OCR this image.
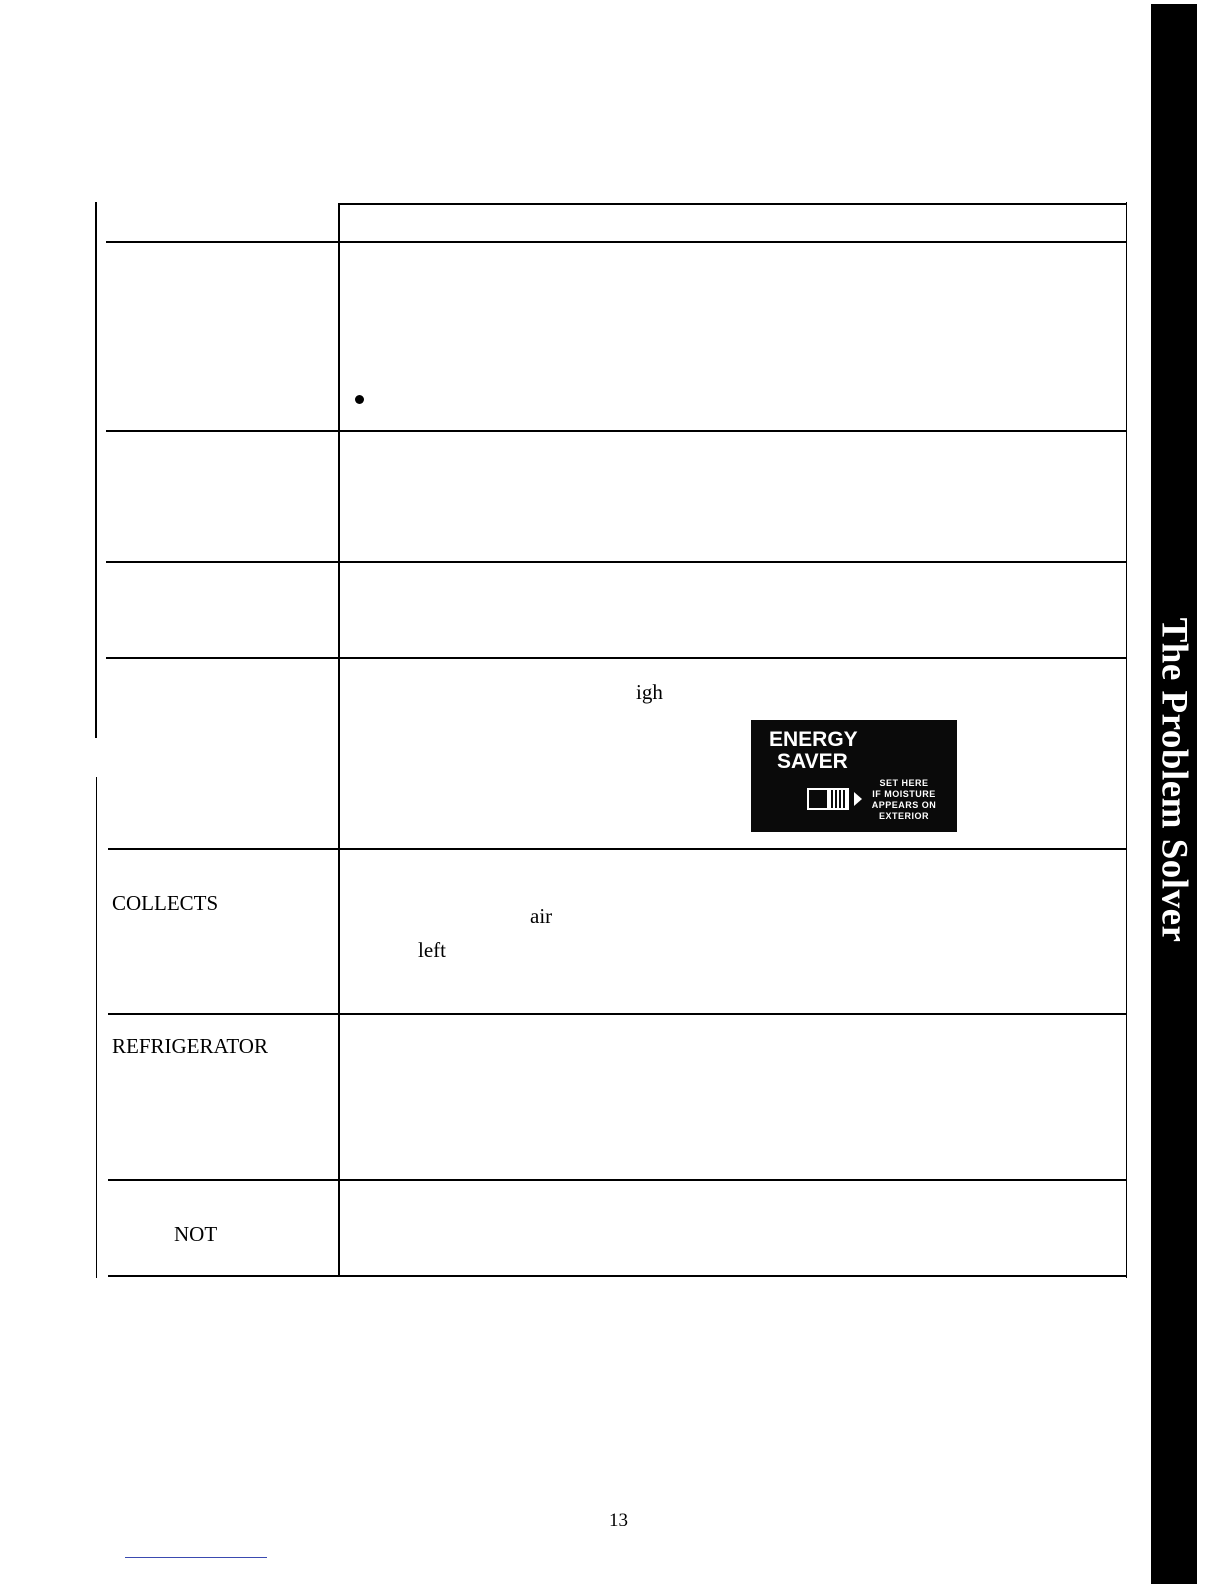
The Problem Solver
igh
COLLECTS
air
left
REFRIGERATOR
NOT
ENERGY
SAVER
SET HERE
IF MOISTURE
APPEARS ON
EXTERIOR
13
